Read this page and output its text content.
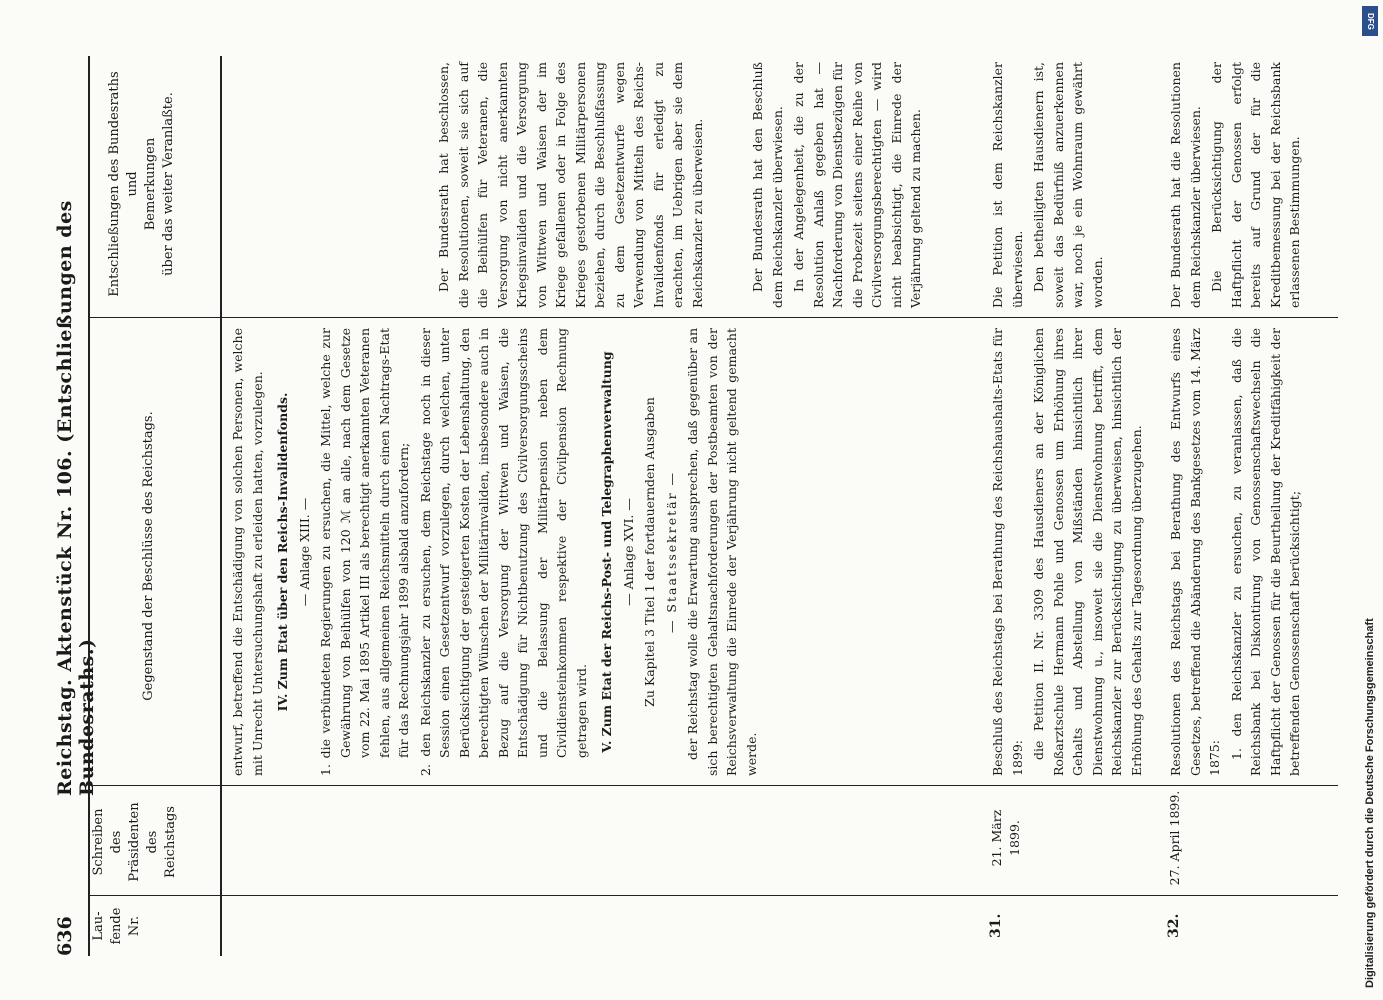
636
Reichstag. Aktenstück Nr. 106. (Entschließungen des Bundesraths.)
Lau- fende Nr.
Schreiben des Präsidenten des Reichstags
Gegenstand der Beschlüsse des Reichstags.
Entschließungen des Bundesraths und Bemerkungen über das weiter Veranlaßte.

entwurf, betreffend die Entschädigung von solchen Personen, welche mit Unrecht Untersuchungshaft zu erleiden hatten, vorzulegen. IV. Zum Etat über den Reichs-Invalidenfonds. — Anlage XIII. — 1. die verbündeten Regierungen zu ersuchen, die Mittel, welche zur Gewährung von Beihülfen von 120 ℳ an alle, nach dem Gesetze vom 22. Mai 1895 Artikel III als berechtigt anerkannten Veteranen fehlen, aus allgemeinen Reichsmitteln durch einen Nachtrags-Etat für das Rechnungsjahr 1899 alsbald anzufordern; 2. den Reichskanzler zu ersuchen, dem Reichstage noch in dieser Session einen Gesetzentwurf vorzulegen, durch welchen, unter Berücksichtigung der gesteigerten Kosten der Lebenshaltung, den berechtigten Wünschen der Militärinvaliden, insbesondere auch in Bezug auf die Versorgung der Wittwen und Waisen, die Entschädigung für Nichtbenutzung des Civilversorgungsscheins und die Belassung der Militärpension neben dem Civildiensteinkommen respektive der Civilpension Rechnung getragen wird. V. Zum Etat der Reichs-Post- und Telegraphenverwaltung — Anlage XVI. — Zu Kapitel 3 Titel 1 der fortdauernden Ausgaben — Staatssekretär — der Reichstag wolle die Erwartung aussprechen, daß gegenüber an sich berechtigten Gehaltsnachforderungen der Postbeamten von der Reichsverwaltung die Einrede der Verjährung nicht geltend gemacht werde.

Der Bundesrath hat beschlossen, die Resolutionen, soweit sie sich auf die Beihülfen für Veteranen, die Versorgung von nicht anerkannten Kriegsinvaliden und die Versorgung von Wittwen und Waisen der im Kriege gefallenen oder in Folge des Krieges gestorbenen Militärpersonen beziehen, durch die Beschlußfassung zu dem Gesetzentwurfe wegen Verwendung von Mitteln des Reichs-Invalidenfonds für erledigt zu erachten, im Uebrigen aber sie dem Reichskanzler zu überweisen.	Der Bundesrath hat den Beschluß dem Reichskanzler überwiesen. In der Angelegenheit, die zu der Resolution Anlaß gegeben hat — Nachforderung von Dienstbezügen für die Probezeit seitens einer Reihe von Civilversorgungsberechtigten — wird nicht beabsichtigt, die Einrede der Verjährung geltend zu machen.

31.
21. März 1899.

Beschluß des Reichstags bei Berathung des Reichshaushalts-Etats für 1899: die Petition II. Nr. 3309 des Hausdieners an der Königlichen Roßarztschule Hermann Pohle und Genossen um Erhöhung ihres Gehalts und Abstellung von Mißständen hinsichtlich ihrer Dienstwohnung u., insoweit sie die Dienstwohnung betrifft, dem Reichskanzler zur Berücksichtigung zu überweisen, hinsichtlich der Erhöhung des Gehalts zur Tagesordnung überzugehen.

Die Petition ist dem Reichskanzler überwiesen. Den betheiligten Hausdienern ist, soweit das Bedürfniß anzuerkennen war, noch je ein Wohnraum gewährt worden.

32.
27. April 1899.

Resolutionen des Reichstags bei Berathung des Entwurfs eines Gesetzes, betreffend die Abänderung des Bankgesetzes vom 14. März 1875: 1. den Reichskanzler zu ersuchen, zu veranlassen, daß die Reichsbank bei Diskontirung von Genossenschaftswechseln die Haftpflicht der Genossen für die Beurtheilung der Kreditfähigkeit der betreffenden Genossenschaft berücksichtigt;

Der Bundesrath hat die Resolutionen dem Reichskanzler überwiesen. Die Berücksichtigung der Haftpflicht der Genossen erfolgt bereits auf Grund der für die Kreditbemessung bei der Reichsbank erlassenen Bestimmungen.

DFG
Digitalisierung gefördert durch die Deutsche Forschungsgemeinschaft
